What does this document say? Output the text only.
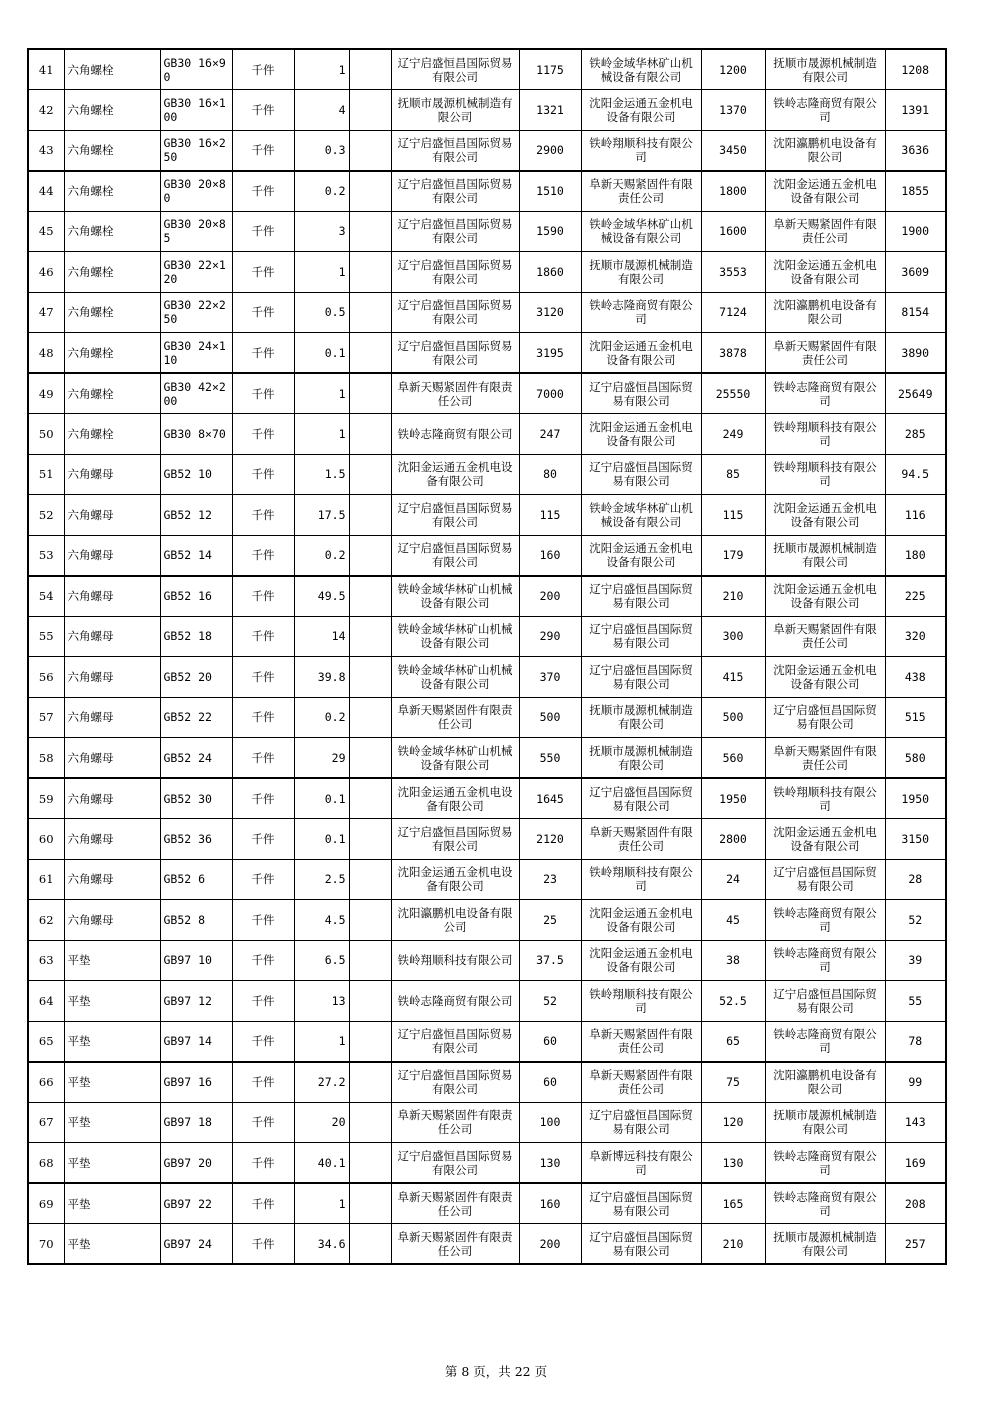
41	六角螺栓	GB30 16×90	千件	1		辽宁启盛恒昌国际贸易有限公司	1175	铁岭金域华林矿山机械设备有限公司	1200	抚顺市晟源机械制造有限公司	1208
42	六角螺栓	GB30 16×100	千件	4		抚顺市晟源机械制造有限公司	1321	沈阳金运通五金机电设备有限公司	1370	铁岭志隆商贸有限公司	1391
43	六角螺栓	GB30 16×250	千件	0.3		辽宁启盛恒昌国际贸易有限公司	2900	铁岭翔顺科技有限公司	3450	沈阳瀛鹏机电设备有限公司	3636
44	六角螺栓	GB30 20×80	千件	0.2		辽宁启盛恒昌国际贸易有限公司	1510	阜新天赐紧固件有限责任公司	1800	沈阳金运通五金机电设备有限公司	1855
45	六角螺栓	GB30 20×85	千件	3		辽宁启盛恒昌国际贸易有限公司	1590	铁岭金域华林矿山机械设备有限公司	1600	阜新天赐紧固件有限责任公司	1900
46	六角螺栓	GB30 22×120	千件	1		辽宁启盛恒昌国际贸易有限公司	1860	抚顺市晟源机械制造有限公司	3553	沈阳金运通五金机电设备有限公司	3609
47	六角螺栓	GB30 22×250	千件	0.5		辽宁启盛恒昌国际贸易有限公司	3120	铁岭志隆商贸有限公司	7124	沈阳瀛鹏机电设备有限公司	8154
48	六角螺栓	GB30 24×110	千件	0.1		辽宁启盛恒昌国际贸易有限公司	3195	沈阳金运通五金机电设备有限公司	3878	阜新天赐紧固件有限责任公司	3890
49	六角螺栓	GB30 42×200	千件	1		阜新天赐紧固件有限责任公司	7000	辽宁启盛恒昌国际贸易有限公司	25550	铁岭志隆商贸有限公司	25649
50	六角螺栓	GB30 8×70	千件	1		铁岭志隆商贸有限公司	247	沈阳金运通五金机电设备有限公司	249	铁岭翔顺科技有限公司	285
51	六角螺母	GB52 10	千件	1.5		沈阳金运通五金机电设备有限公司	80	辽宁启盛恒昌国际贸易有限公司	85	铁岭翔顺科技有限公司	94.5
52	六角螺母	GB52 12	千件	17.5		辽宁启盛恒昌国际贸易有限公司	115	铁岭金域华林矿山机械设备有限公司	115	沈阳金运通五金机电设备有限公司	116
53	六角螺母	GB52 14	千件	0.2		辽宁启盛恒昌国际贸易有限公司	160	沈阳金运通五金机电设备有限公司	179	抚顺市晟源机械制造有限公司	180
54	六角螺母	GB52 16	千件	49.5		铁岭金域华林矿山机械设备有限公司	200	辽宁启盛恒昌国际贸易有限公司	210	沈阳金运通五金机电设备有限公司	225
55	六角螺母	GB52 18	千件	14		铁岭金域华林矿山机械设备有限公司	290	辽宁启盛恒昌国际贸易有限公司	300	阜新天赐紧固件有限责任公司	320
56	六角螺母	GB52 20	千件	39.8		铁岭金域华林矿山机械设备有限公司	370	辽宁启盛恒昌国际贸易有限公司	415	沈阳金运通五金机电设备有限公司	438
57	六角螺母	GB52 22	千件	0.2		阜新天赐紧固件有限责任公司	500	抚顺市晟源机械制造有限公司	500	辽宁启盛恒昌国际贸易有限公司	515
58	六角螺母	GB52 24	千件	29		铁岭金域华林矿山机械设备有限公司	550	抚顺市晟源机械制造有限公司	560	阜新天赐紧固件有限责任公司	580
59	六角螺母	GB52 30	千件	0.1		沈阳金运通五金机电设备有限公司	1645	辽宁启盛恒昌国际贸易有限公司	1950	铁岭翔顺科技有限公司	1950
60	六角螺母	GB52 36	千件	0.1		辽宁启盛恒昌国际贸易有限公司	2120	阜新天赐紧固件有限责任公司	2800	沈阳金运通五金机电设备有限公司	3150
61	六角螺母	GB52 6	千件	2.5		沈阳金运通五金机电设备有限公司	23	铁岭翔顺科技有限公司	24	辽宁启盛恒昌国际贸易有限公司	28
62	六角螺母	GB52 8	千件	4.5		沈阳瀛鹏机电设备有限公司	25	沈阳金运通五金机电设备有限公司	45	铁岭志隆商贸有限公司	52
63	平垫	GB97 10	千件	6.5		铁岭翔顺科技有限公司	37.5	沈阳金运通五金机电设备有限公司	38	铁岭志隆商贸有限公司	39
64	平垫	GB97 12	千件	13		铁岭志隆商贸有限公司	52	铁岭翔顺科技有限公司	52.5	辽宁启盛恒昌国际贸易有限公司	55
65	平垫	GB97 14	千件	1		辽宁启盛恒昌国际贸易有限公司	60	阜新天赐紧固件有限责任公司	65	铁岭志隆商贸有限公司	78
66	平垫	GB97 16	千件	27.2		辽宁启盛恒昌国际贸易有限公司	60	阜新天赐紧固件有限责任公司	75	沈阳瀛鹏机电设备有限公司	99
67	平垫	GB97 18	千件	20		阜新天赐紧固件有限责任公司	100	辽宁启盛恒昌国际贸易有限公司	120	抚顺市晟源机械制造有限公司	143
68	平垫	GB97 20	千件	40.1		辽宁启盛恒昌国际贸易有限公司	130	阜新博远科技有限公司	130	铁岭志隆商贸有限公司	169
69	平垫	GB97 22	千件	1		阜新天赐紧固件有限责任公司	160	辽宁启盛恒昌国际贸易有限公司	165	铁岭志隆商贸有限公司	208
70	平垫	GB97 24	千件	34.6		阜新天赐紧固件有限责任公司	200	辽宁启盛恒昌国际贸易有限公司	210	抚顺市晟源机械制造有限公司	257
第 8 页，共 22 页
